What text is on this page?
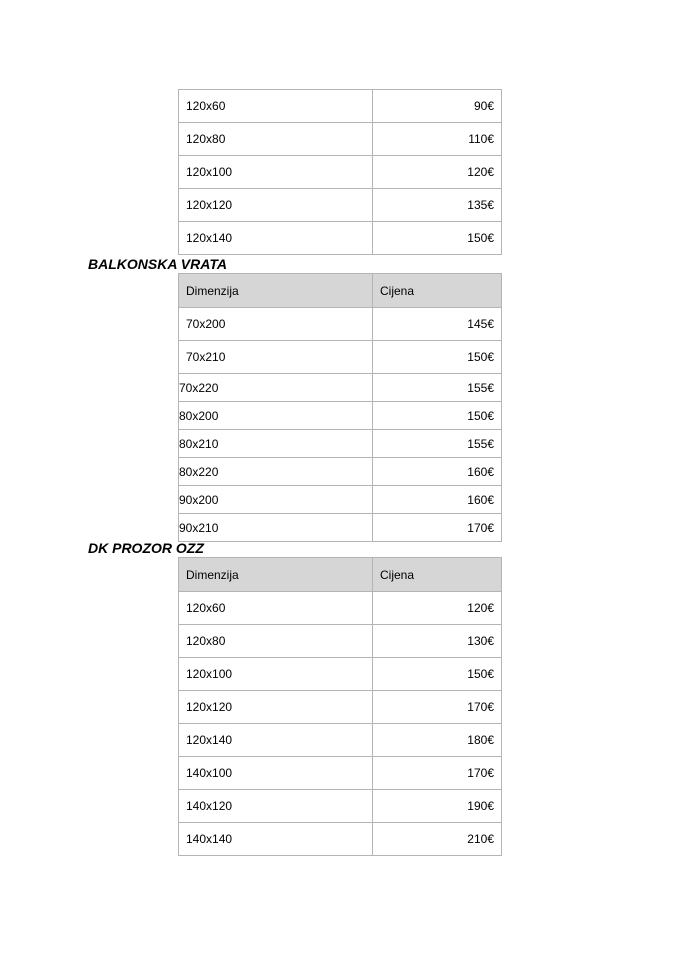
120x60	90€
120x80	110€
120x100	120€
120x120	135€
120x140	150€
BALKONSKA VRATA
Dimenzija	Cijena
70x200	145€
70x210	150€
70x220	155€
80x200	150€
80x210	155€
80x220	160€
90x200	160€
90x210	170€
DK PROZOR OZZ
Dimenzija	Cijena
120x60	120€
120x80	130€
120x100	150€
120x120	170€
120x140	180€
140x100	170€
140x120	190€
140x140	210€
